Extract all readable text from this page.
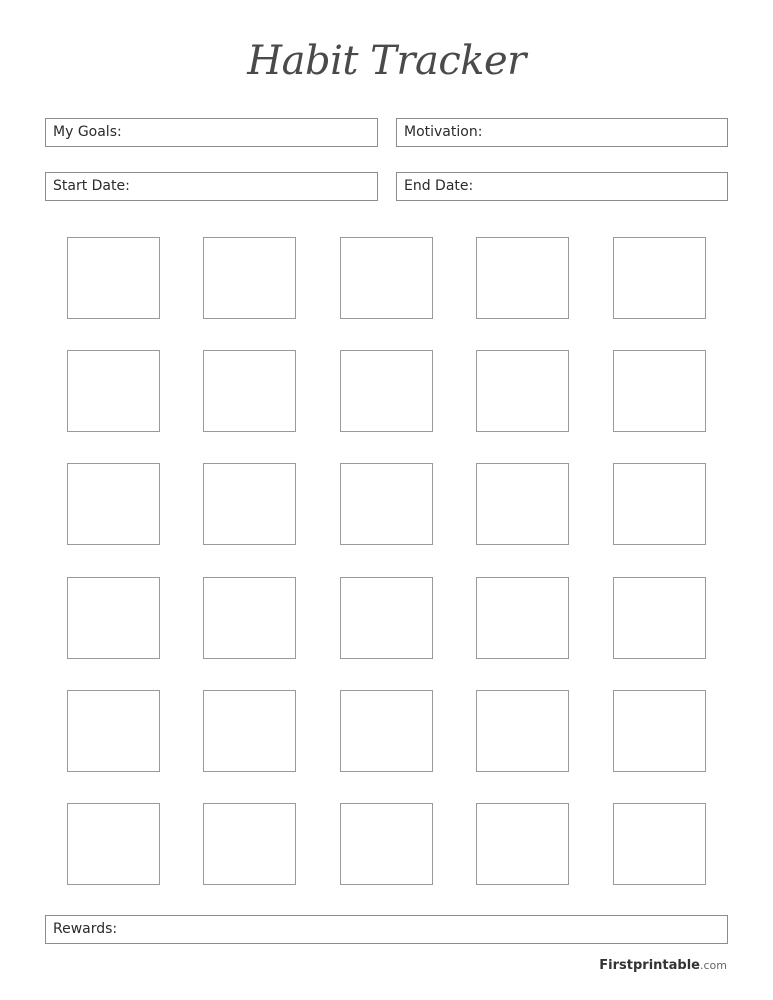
Habit Tracker
My Goals:	Motivation:
Start Date:	End Date:
Rewards:
Firstprintable.com
